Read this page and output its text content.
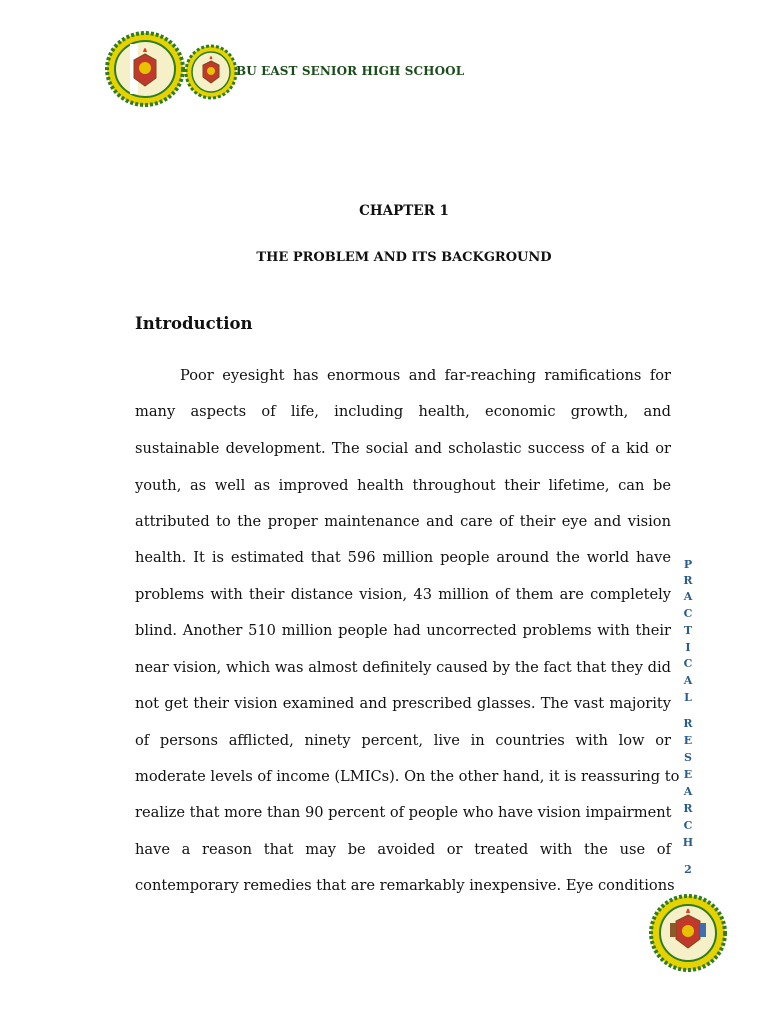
BU EAST SENIOR HIGH SCHOOL
CHAPTER 1
THE PROBLEM AND ITS BACKGROUND
Introduction
Poor eyesight has enormous and far-reaching ramifications for
many aspects of life, including health, economic growth, and
sustainable development. The social and scholastic success of a kid or
youth, as well as improved health throughout their lifetime, can be
attributed to the proper maintenance and care of their eye and vision
health. It is estimated that 596 million people around the world have
problems with their distance vision, 43 million of them are completely
blind. Another 510 million people had uncorrected problems with their
near vision, which was almost definitely caused by the fact that they did
not get their vision examined and prescribed glasses. The vast majority
of persons afflicted, ninety percent, live in countries with low or
moderate levels of income (LMICs). On the other hand, it is reassuring to
realize that more than 90 percent of people who have vision impairment
have a reason that may be avoided or treated with the use of
contemporary remedies that are remarkably inexpensive. Eye conditions
P
R
A
C
T
I
C
A
L
R
E
S
E
A
R
C
H
2
